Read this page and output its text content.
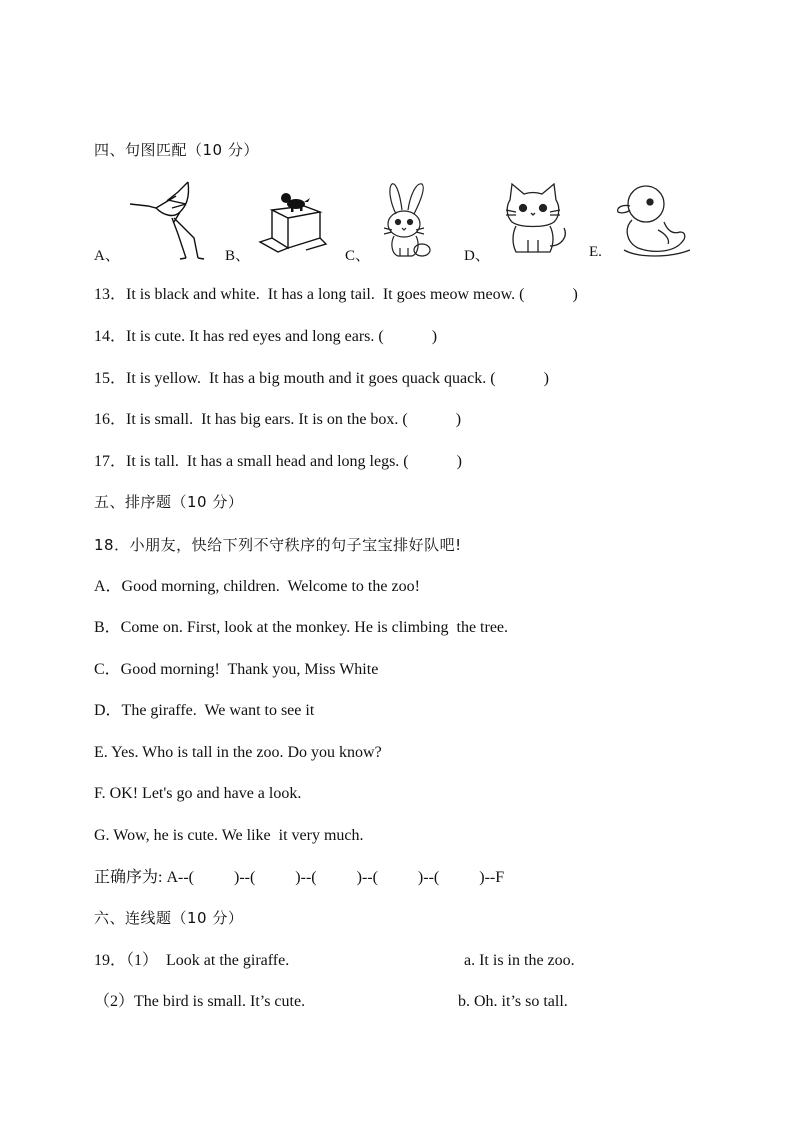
四、句图匹配（10 分）
A、	B、	C、	D、	E.
13．It is black and white.  It has a long tail.  It goes meow meow. (            )
14．It is cute. It has red eyes and long ears. (            )
15．It is yellow.  It has a big mouth and it goes quack quack. (            )
16．It is small.  It has big ears. It is on the box. (            )
17．It is tall.  It has a small head and long legs. (            )
五、排序题（10 分）
18．小朋友，快给下列不守秩序的句子宝宝排好队吧!
A．Good morning, children.  Welcome to the zoo!
B．Come on. First, look at the monkey. He is climbing  the tree.
C．Good morning!  Thank you, Miss White
D．The giraffe.  We want to see it
E. Yes. Who is tall in the zoo. Do you know?
F. OK! Let's go and have a look.
G. Wow, he is cute. We like  it very much.
正确序为: A--(          )--(          )--(          )--(          )--(          )--F
六、连线题（10 分）
19．（1）  Look at the giraffe.	a. It is in the zoo.
（2）The bird is small. It’s cute.	b. Oh. it’s so tall.
